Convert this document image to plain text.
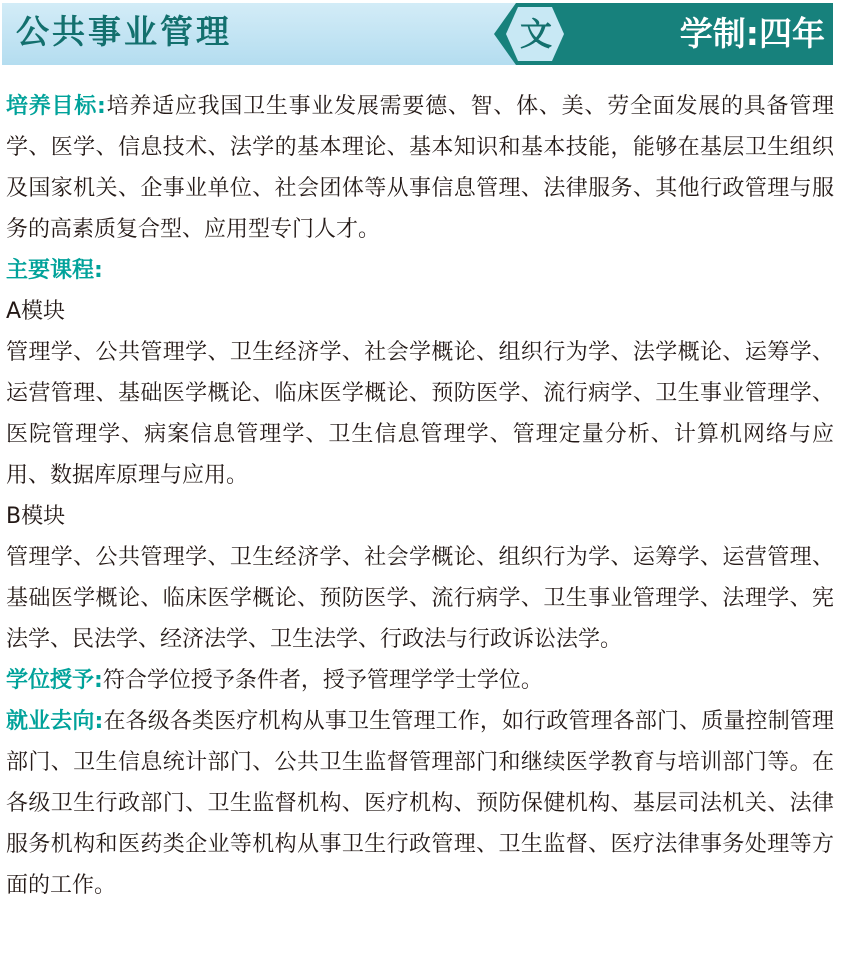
公共事业管理	文	学制:四年

培养目标:培养适应我国卫生事业发展需要德、智、体、美、劳全面发展的具备管理学、医学、信息技术、法学的基本理论、基本知识和基本技能，能够在基层卫生组织及国家机关、企事业单位、社会团体等从事信息管理、法律服务、其他行政管理与服务的高素质复合型、应用型专门人才。

主要课程:

A模块

管理学、公共管理学、卫生经济学、社会学概论、组织行为学、法学概论、运筹学、运营管理、基础医学概论、临床医学概论、预防医学、流行病学、卫生事业管理学、医院管理学、病案信息管理学、卫生信息管理学、管理定量分析、计算机网络与应用、数据库原理与应用。

B模块

管理学、公共管理学、卫生经济学、社会学概论、组织行为学、运筹学、运营管理、基础医学概论、临床医学概论、预防医学、流行病学、卫生事业管理学、法理学、宪法学、民法学、经济法学、卫生法学、行政法与行政诉讼法学。

学位授予:符合学位授予条件者，授予管理学学士学位。

就业去向:在各级各类医疗机构从事卫生管理工作，如行政管理各部门、质量控制管理部门、卫生信息统计部门、公共卫生监督管理部门和继续医学教育与培训部门等。在各级卫生行政部门、卫生监督机构、医疗机构、预防保健机构、基层司法机关、法律服务机构和医药类企业等机构从事卫生行政管理、卫生监督、医疗法律事务处理等方面的工作。
